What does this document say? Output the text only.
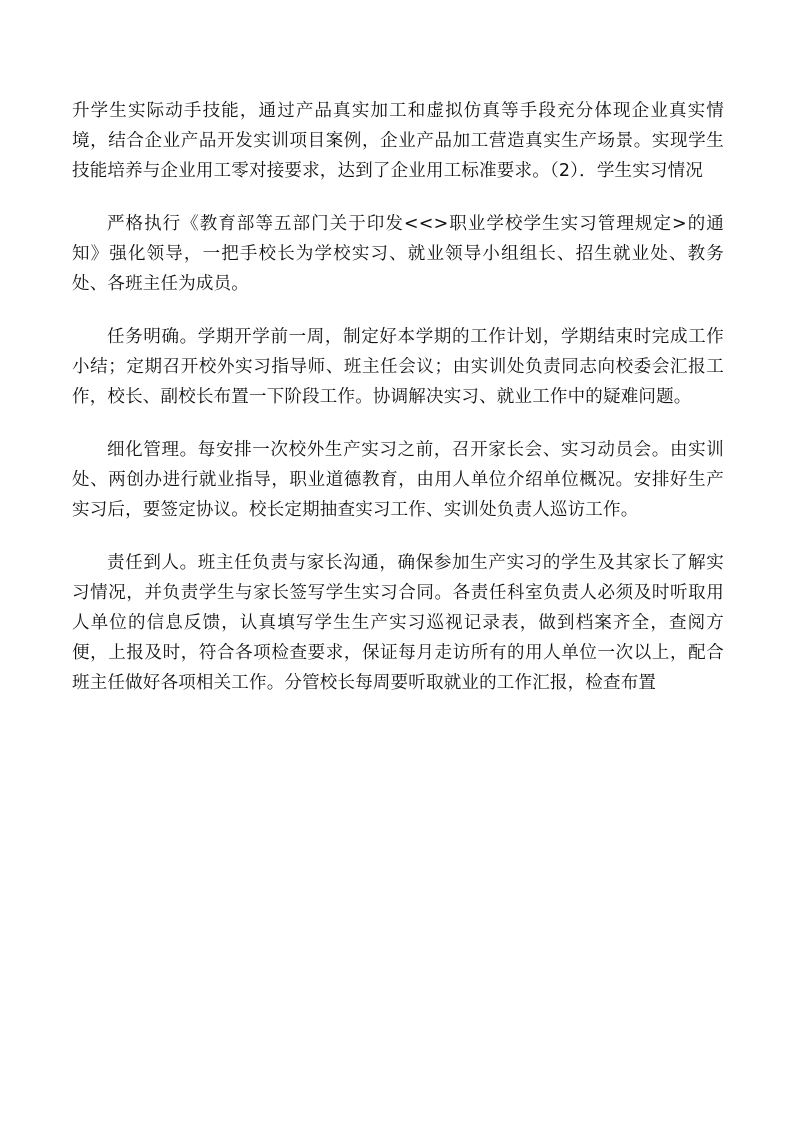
升学生实际动手技能，通过产品真实加工和虚拟仿真等手段充分体现企业真实情境，结合企业产品开发实训项目案例，企业产品加工营造真实生产场景。实现学生技能培养与企业用工零对接要求，达到了企业用工标准要求。（2）．学生实习情况

严格执行《教育部等五部门关于印发<<>职业学校学生实习管理规定>的通知》强化领导，一把手校长为学校实习、就业领导小组组长、招生就业处、教务处、各班主任为成员。

任务明确。学期开学前一周，制定好本学期的工作计划，学期结束时完成工作小结；定期召开校外实习指导师、班主任会议；由实训处负责同志向校委会汇报工作，校长、副校长布置一下阶段工作。协调解决实习、就业工作中的疑难问题。

细化管理。每安排一次校外生产实习之前，召开家长会、实习动员会。由实训处、两创办进行就业指导，职业道德教育，由用人单位介绍单位概况。安排好生产实习后，要签定协议。校长定期抽查实习工作、实训处负责人巡访工作。

责任到人。班主任负责与家长沟通，确保参加生产实习的学生及其家长了解实习情况，并负责学生与家长签写学生实习合同。各责任科室负责人必须及时听取用人单位的信息反馈，认真填写学生生产实习巡视记录表，做到档案齐全，查阅方便，上报及时，符合各项检查要求，保证每月走访所有的用人单位一次以上，配合班主任做好各项相关工作。分管校长每周要听取就业的工作汇报，检查布置
